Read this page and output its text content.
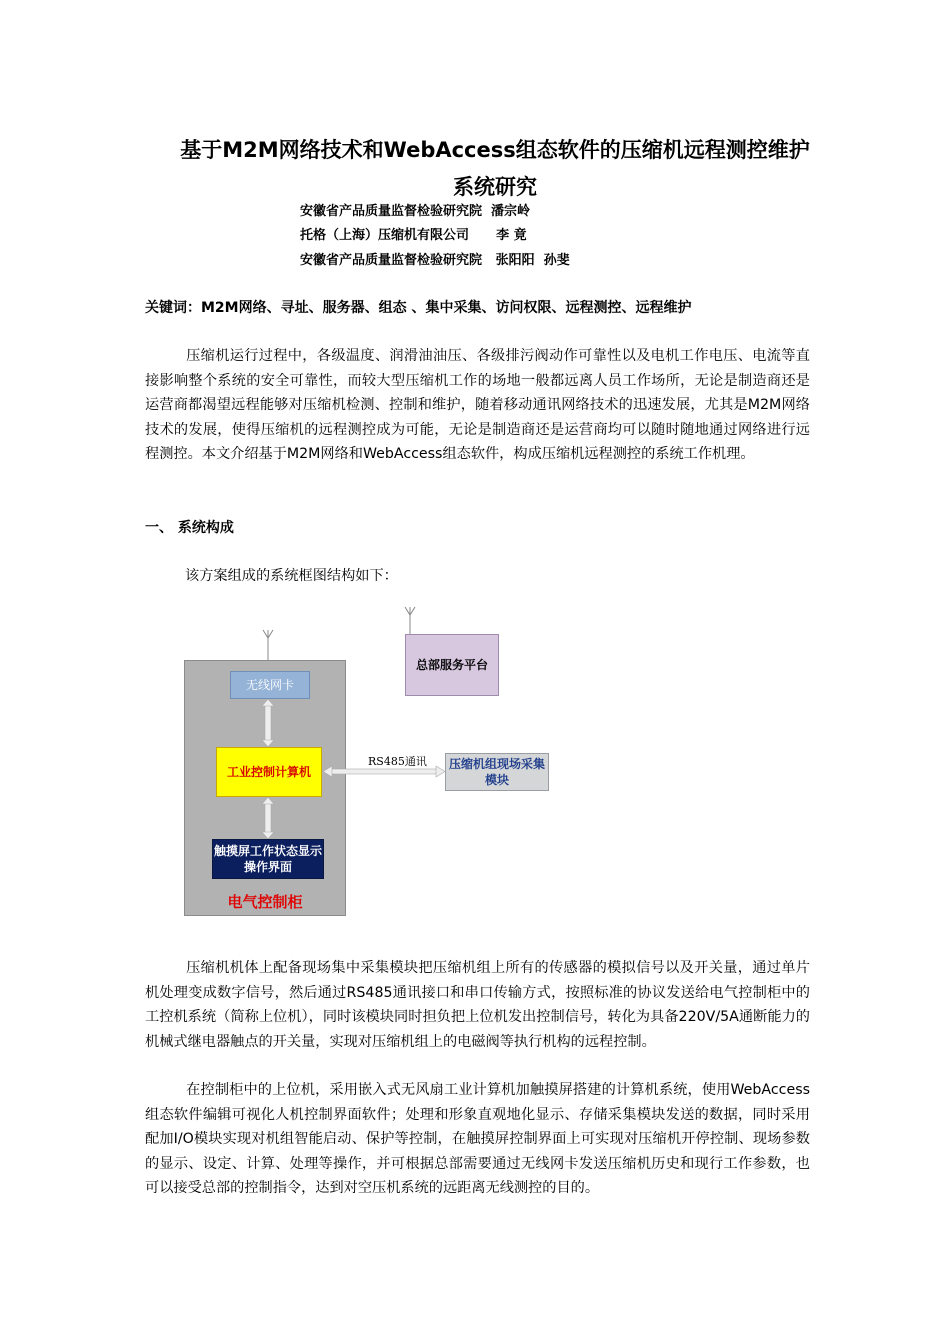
基于M2M网络技术和WebAccess组态软件的压缩机远程测控维护
系统研究
安徽省产品质量监督检验研究院  潘宗岭
托格（上海）压缩机有限公司      李 竟
安徽省产品质量监督检验研究院   张阳阳  孙斐
关键词：M2M网络、寻址、服务器、组态 、集中采集、访问权限、远程测控、远程维护

压缩机运行过程中，各级温度、润滑油油压、各级排污阀动作可靠性以及电机工作电压、电流等直接影响整个系统的安全可靠性，而较大型压缩机工作的场地一般都远离人员工作场所，无论是制造商还是运营商都渴望远程能够对压缩机检测、控制和维护，随着移动通讯网络技术的迅速发展，尤其是M2M网络技术的发展，使得压缩机的远程测控成为可能，无论是制造商还是运营商均可以随时随地通过网络进行远程测控。本文介绍基于M2M网络和WebAccess组态软件，构成压缩机远程测控的系统工作机理。

一、 系统构成
该方案组成的系统框图结构如下：
无线网卡
工业控制计算机
触摸屏工作状态显示操作界面
电气控制柜
总部服务平台
RS485通讯	压缩机组现场采集模块

压缩机机体上配备现场集中采集模块把压缩机组上所有的传感器的模拟信号以及开关量，通过单片机处理变成数字信号，然后通过RS485通讯接口和串口传输方式，按照标准的协议发送给电气控制柜中的工控机系统（简称上位机），同时该模块同时担负把上位机发出控制信号，转化为具备220V/5A通断能力的机械式继电器触点的开关量，实现对压缩机组上的电磁阀等执行机构的远程控制。

在控制柜中的上位机，采用嵌入式无风扇工业计算机加触摸屏搭建的计算机系统，使用WebAccess组态软件编辑可视化人机控制界面软件；处理和形象直观地化显示、存储采集模块发送的数据，同时采用配加I/O模块实现对机组智能启动、保护等控制，在触摸屏控制界面上可实现对压缩机开停控制、现场参数的显示、设定、计算、处理等操作，并可根据总部需要通过无线网卡发送压缩机历史和现行工作参数，也可以接受总部的控制指令，达到对空压机系统的远距离无线测控的目的。
